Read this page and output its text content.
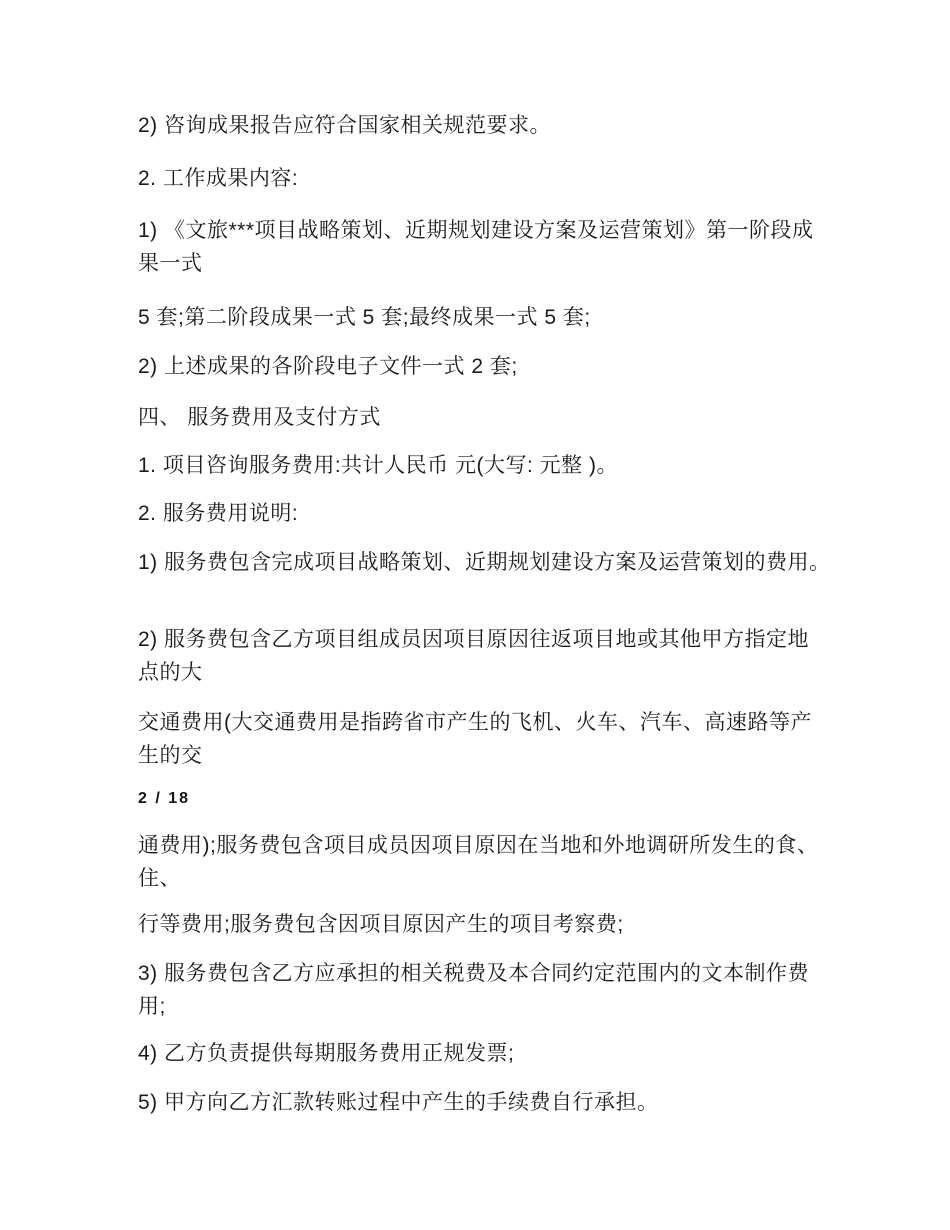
2) 咨询成果报告应符合国家相关规范要求。
2. 工作成果内容:
1) 《文旅***项目战略策划、近期规划建设方案及运营策划》第一阶段成
果一式
5 套;第二阶段成果一式 5 套;最终成果一式 5 套;
2) 上述成果的各阶段电子文件一式 2 套;
四、 服务费用及支付方式
1. 项目咨询服务费用:共计人民币 元(大写: 元整 )。
2. 服务费用说明:
1) 服务费包含完成项目战略策划、近期规划建设方案及运营策划的费用。
2) 服务费包含乙方项目组成员因项目原因往返项目地或其他甲方指定地
点的大
交通费用(大交通费用是指跨省市产生的飞机、火车、汽车、高速路等产
生的交
2 / 18
通费用);服务费包含项目成员因项目原因在当地和外地调研所发生的食、
住、
行等费用;服务费包含因项目原因产生的项目考察费;
3) 服务费包含乙方应承担的相关税费及本合同约定范围内的文本制作费
用;
4) 乙方负责提供每期服务费用正规发票;
5) 甲方向乙方汇款转账过程中产生的手续费自行承担。
